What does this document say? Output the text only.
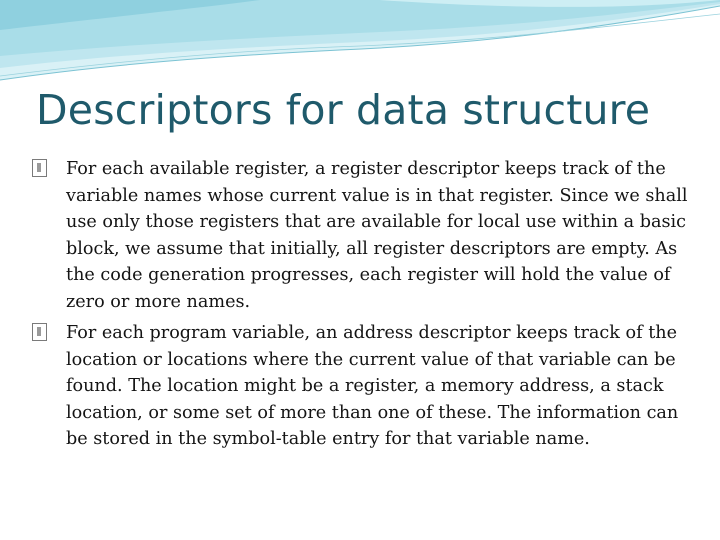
Descriptors for data structure
For each available register, a register descriptor keeps track of the variable names whose current value is in that register. Since we shall use only those registers that are available for local use within a basic block, we assume that initially, all register descriptors are empty. As the code generation progresses, each register will hold the value of zero or more names.
For each program variable, an address descriptor keeps track of the location or locations where the current value of that variable can be found. The location might be a register, a memory address, a stack location, or some set of more than one of these. The information can be stored in the symbol-table entry for that variable name.
